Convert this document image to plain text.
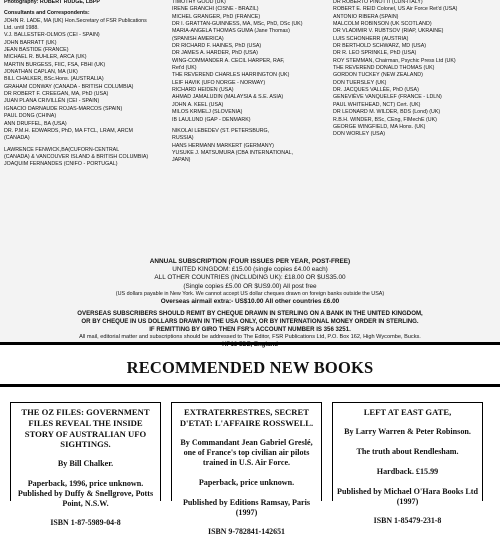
Photography: ROBERT RUDGE, LBPP
Consultants and Correspondents:
JOHN R. LADE, MA (UK) Hon.Secretary of FSR Publications
Ltd. until 1988.
V.J. BALLESTER-OLMOS (CEI - SPAIN)
JOHN BARRATT (UK)
JEAN BASTIDE (FRANCE)
MICHAEL R. BUHLER, ARCA (UK)
MARTIN BURGESS, FIIC, FSA, FBHI (UK)
JONATHAN CAPLAN, MA (UK)
BILL CHALKER, BSc.Hons. (AUSTRALIA)
GRAHAM CONWAY (CANADA - BRITISH COLUMBIA)
DR ROBERT F. CREEGAN, MA, PhD (USA)
JUAN PLANA CRIVILLÉN (CEI - SPAIN)
IGNACIO DARNAUDE ROJAS-MARCOS (SPAIN)
PAUL DONG (CHINA)
ANN DRUFFEL, BA (USA)
DR. P.M.H. EDWARDS, PhD, MA FTCL, LRAM, ARCM
(CANADA)
LAWRENCE FENWICK,BA(CUFORN-CENTRAL
(CANADA) & VANCOUVER ISLAND & BRITISH COLUMBIA)
JOAQUIM FERNANDES (CNIFO - PORTUGAL)
TIMOTHY GOOD (UK)
IRENE GRANCHI (CISNE - BRAZIL)
MICHEL GRANGER, PhD (FRANCE)
DR I. GRATTAN-GUINNESS, MA, MSc, PhD, DSc (UK)
MARIA-ANGELA THOMAS GUMA (Jane Thomas)
(SPANISH AMERICA)
DR RICHARD F. HAINES, PhD (USA)
DR JAMES A. HARDER, PhD (USA)
WING-COMMANDER A. CECIL HARPER, RAF,
Ret'd (UK)
THE REVEREND CHARLES HARRINGTON (UK)
LEIF HAVIK (UFO NORGE - NORWAY)
RICHARD HEIDEN (USA)
AHMAD JAMALUDIN (MALAYSIA & S.E. ASIA)
JOHN A. KEEL (USA)
MILOS KRMELJ (SLOVENIA)
IB LAULUND (GAP - DENMARK)
NIKOLAI LEBEDEV (ST. PETERSBURG,
RUSSIA)
HANS HERMANN MARKERT (GERMANY)
YUSUKE J. MATSUMURA (CBA INTERNATIONAL,
JAPAN)
DR ROBERTO PINOTTI (CUN-ITALY)
ROBERT E. REID Colonel, US Air Force Ret'd (USA)
ANTONIO RIBERA (SPAIN)
MALCOLM ROBINSON (UK SCOTLAND)
DR VLADIMIR V. RUBTSOV (RIAP, UKRAINE)
LUIS SCHONHERR (AUSTRIA)
DR BERTHOLD SCHWARZ, MD (USA)
DR R. LEO SPRINKLE, PhD (USA)
ROY STEMMAN, Chairman, Psychic Press Ltd (UK)
THE REVEREND DONALD THOMAS (UK)
GORDON TUCKEY (NEW ZEALAND)
DON TUERSLEY (UK)
DR. JACQUES VALLÉE, PhD (USA)
GENEVIÈVE VANQUELEF (FRANCE - LDLN)
PAUL WHITEHEAD, NCT) Cert. (UK)
DR LEONARD M. WILDER, BDS (Lond) (UK)
R.B.H. WINDER, BSc, CEng, FIMechE (UK)
GEORGE WINGFIELD, MA Hons. (UK)
DON WORLEY (USA)
ANNUAL SUBSCRIPTION (FOUR ISSUES PER YEAR, POST-FREE)
UNITED KINGDOM: £15.00 (single copies £4.00 each)
ALL OTHER COUNTRIES (INCLUDING UK): £18.00 OR $US35.00
(Single copies £5.00 OR $US9.00) All post free
(US dollars payable in New York. We cannot accept US dollar cheques drawn on foreign banks outside the USA)
Overseas airmail extra:- US$10.00 All other countries £6.00
OVERSEAS SUBSCRIBERS SHOULD REMIT BY CHEQUE DRAWN IN STERLING ON A BANK IN THE UNITED KINGDOM,
OR BY CHEQUE IN US DOLLARS DRAWN IN THE USA ONLY, OR BY INTERNATIONAL MONEY ORDER IN STERLING.
IF REMITTING BY GIRO THEN FSR's ACCOUNT NUMBER IS 356 3251.
All mail, editorial matter and subscriptions should be addressed to The Editor, FSR Publications Ltd, P.O. Box 162, High Wycombe, Bucks.
RECOMMENDED NEW BOOKS
THE OZ FILES: GOVERNMENT FILES REVEAL THE INSIDE STORY OF AUSTRALIAN UFO SIGHTINGS.
By Bill Chalker.

Paperback, 1996, price unknown.
Published by Duffy & Snellgrove, Potts Point, N.S.W.
ISBN 1-87-5989-04-8
EXTRATERRESTRES, SECRET D'ETAT: L'AFFAIRE ROSSWELL.
By Commandant Jean Gabriel Greslé, one of France's top civilian air pilots trained in U.S. Air Force.

Paperback, price unknown.

Published by Editions Ramsay, Paris (1997)
ISBN 9-782841-142651
LEFT AT EAST GATE,
By Larry Warren & Peter Robinson.

The truth about Rendlesham.

Hardback. £15.99

Published by Michael O'Hara Books Ltd (1997)
ISBN 1-85479-231-8
